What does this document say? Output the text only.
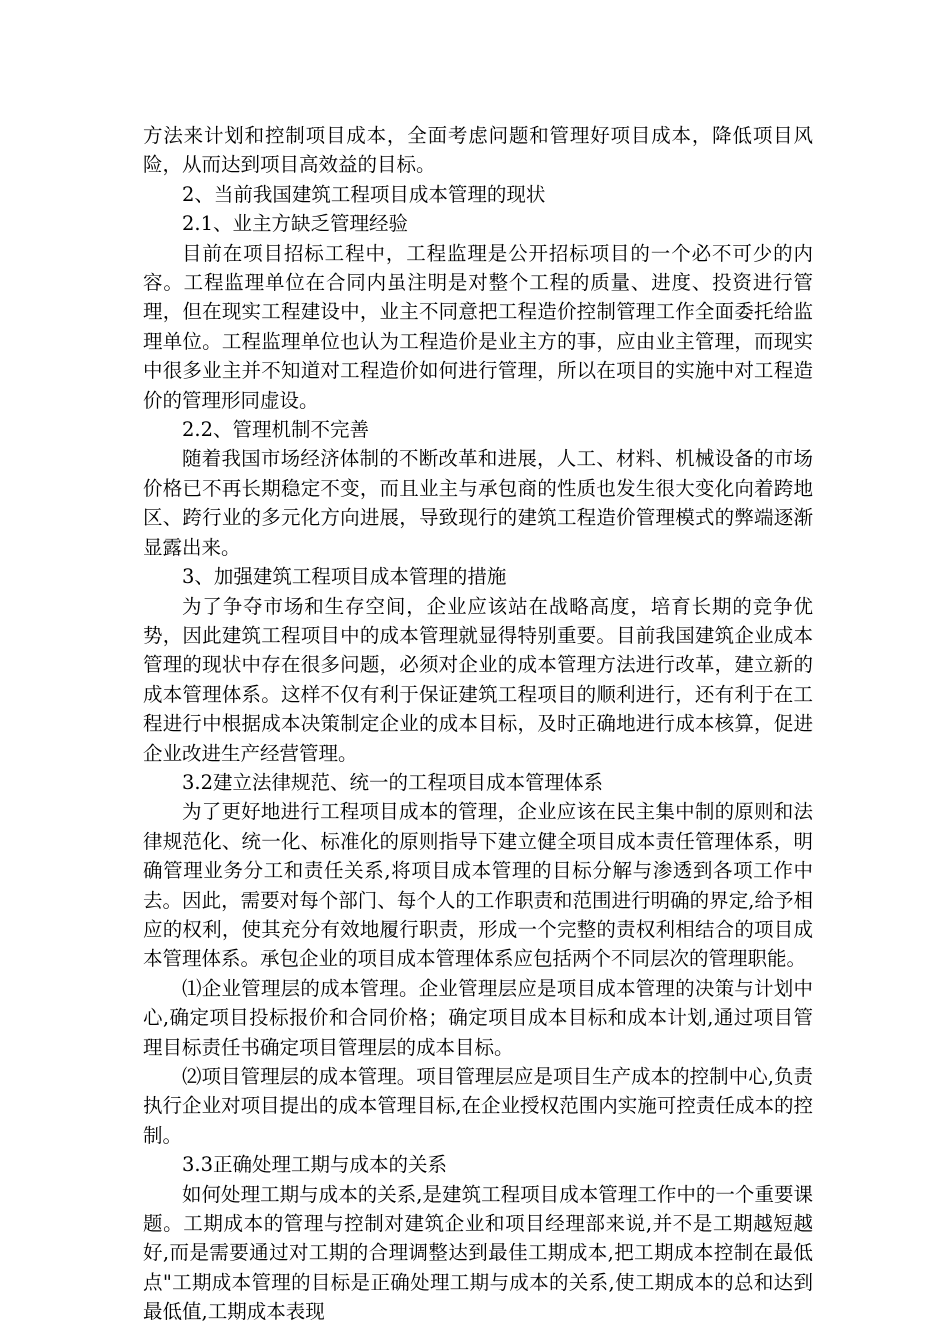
方法来计划和控制项目成本，全面考虑问题和管理好项目成本，降低项目风险，从而达到项目高效益的目标。

2、当前我国建筑工程项目成本管理的现状

2.1、业主方缺乏管理经验

目前在项目招标工程中，工程监理是公开招标项目的一个必不可少的内容。工程监理单位在合同内虽注明是对整个工程的质量、进度、投资进行管理，但在现实工程建设中，业主不同意把工程造价控制管理工作全面委托给监理单位。工程监理单位也认为工程造价是业主方的事，应由业主管理，而现实中很多业主并不知道对工程造价如何进行管理，所以在项目的实施中对工程造价的管理形同虚设。

2.2、管理机制不完善

随着我国市场经济体制的不断改革和进展，人工、材料、机械设备的市场价格已不再长期稳定不变，而且业主与承包商的性质也发生很大变化向着跨地区、跨行业的多元化方向进展，导致现行的建筑工程造价管理模式的弊端逐渐显露出来。

3、加强建筑工程项目成本管理的措施

为了争夺市场和生存空间，企业应该站在战略高度，培育长期的竞争优势，因此建筑工程项目中的成本管理就显得特别重要。目前我国建筑企业成本管理的现状中存在很多问题，必须对企业的成本管理方法进行改革，建立新的成本管理体系。这样不仅有利于保证建筑工程项目的顺利进行，还有利于在工程进行中根据成本决策制定企业的成本目标，及时正确地进行成本核算，促进企业改进生产经营管理。

3.2建立法律规范、统一的工程项目成本管理体系

为了更好地进行工程项目成本的管理，企业应该在民主集中制的原则和法律规范化、统一化、标准化的原则指导下建立健全项目成本责任管理体系，明确管理业务分工和责任关系,将项目成本管理的目标分解与渗透到各项工作中去。因此，需要对每个部门、每个人的工作职责和范围进行明确的界定,给予相应的权利，使其充分有效地履行职责，形成一个完整的责权利相结合的项目成本管理体系。承包企业的项目成本管理体系应包括两个不同层次的管理职能。

⑴企业管理层的成本管理。企业管理层应是项目成本管理的决策与计划中心,确定项目投标报价和合同价格；确定项目成本目标和成本计划,通过项目管理目标责任书确定项目管理层的成本目标。

⑵项目管理层的成本管理。项目管理层应是项目生产成本的控制中心,负责执行企业对项目提出的成本管理目标,在企业授权范围内实施可控责任成本的控制。

3.3正确处理工期与成本的关系

如何处理工期与成本的关系,是建筑工程项目成本管理工作中的一个重要课题。工期成本的管理与控制对建筑企业和项目经理部来说,并不是工期越短越好,而是需要通过对工期的合理调整达到最佳工期成本,把工期成本控制在最低点"工期成本管理的目标是正确处理工期与成本的关系,使工期成本的总和达到最低值,工期成本表现
